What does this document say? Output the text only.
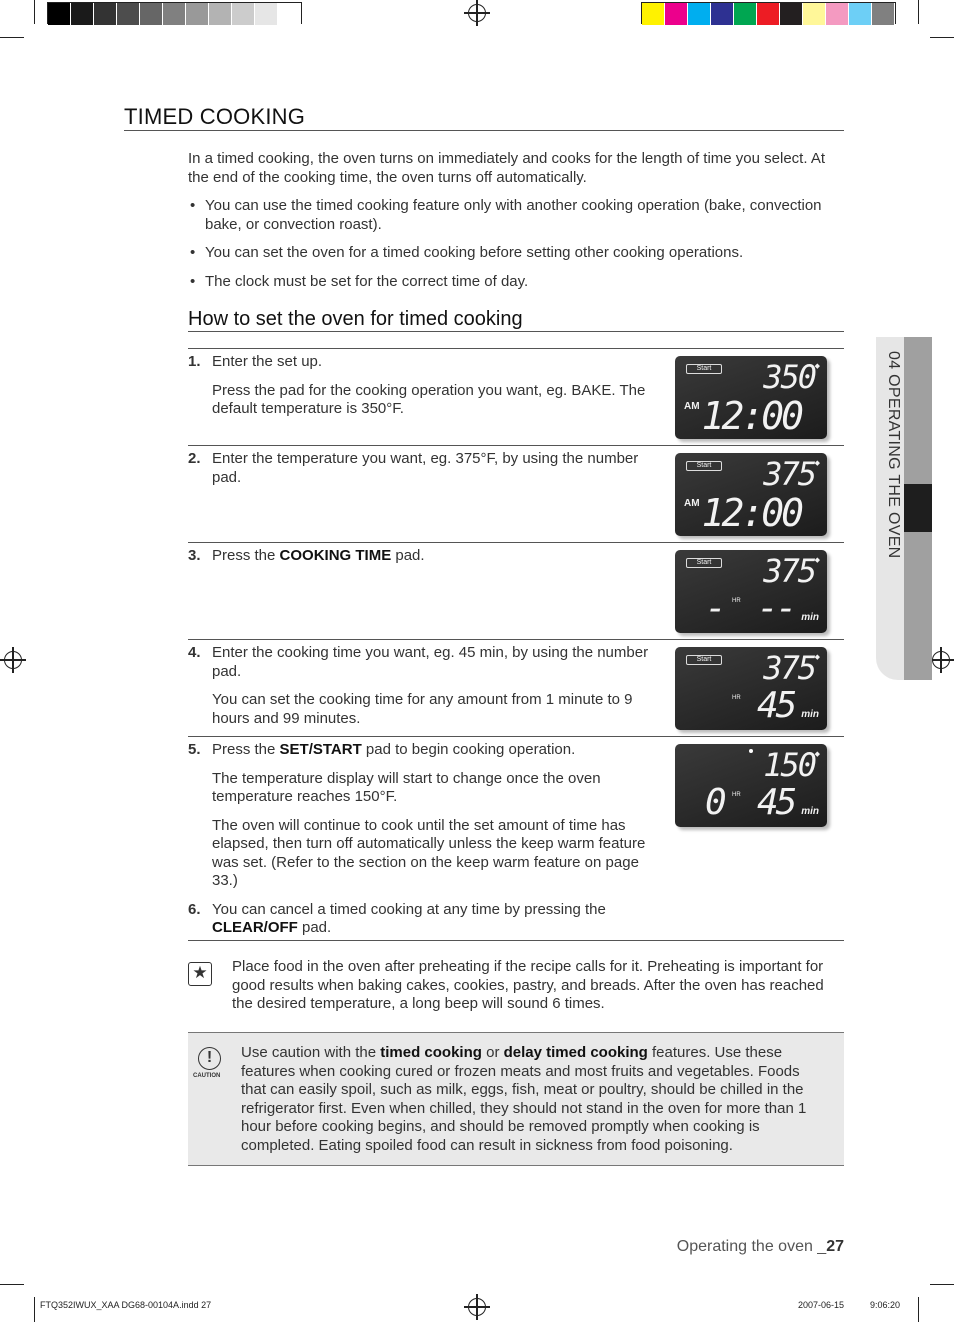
TIMED COOKING

In a timed cooking, the oven turns on immediately and cooks for the length of time you select. At the end of the cooking time, the oven turns off automatically.

• You can use the timed cooking feature only with another cooking operation (bake, convection bake, or convection roast).
• You can set the oven for a timed cooking before setting other cooking operations.
• The clock must be set for the correct time of day.
How to set the oven for timed cooking
1. Enter the set up.

Press the pad for the cooking operation you want, eg. BAKE. The default temperature is 350°F.

Start	350 ◆
AM 12:00
2. Enter the temperature you want, eg. 375°F, by using the number pad.

Start	375 ◆
AM 12:00
3. Press the COOKING TIME pad.	Start	375 ◆
- HR -- min
4. Enter the cooking time you want, eg. 45 min, by using the number pad.

You can set the cooking time for any amount from 1 minute to 9 hours and 99 minutes.

Start	375 ◆
HR 45 min
5. Press the SET/START pad to begin cooking operation.

The temperature display will start to change once the oven temperature reaches 150°F.

The oven will continue to cook until the set amount of time has elapsed, then turn off automatically unless the keep warm feature was set. (Refer to the section on the keep warm feature on page 33.)

6. You can cancel a timed cooking at any time by pressing the CLEAR/OFF pad.

150 ◆
0 HR 45 min
★ Place food in the oven after preheating if the recipe calls for it. Preheating is important for good results when baking cakes, cookies, pastry, and breads. After the oven has reached the desired temperature, a long beep will sound 6 times.

!
CAUTION

Use caution with the timed cooking or delay timed cooking features. Use these features when cooking cured or frozen meats and most fruits and vegetables. Foods that can easily spoil, such as milk, eggs, fish, meat or poultry, should be chilled in the refrigerator first. Even when chilled, they should not stand in the oven for more than 1 hour before cooking begins, and should be removed promptly when cooking is completed. Eating spoiled food can result in sickness from food poisoning.

04 OPERATING THE OVEN
Operating the oven _27
FTQ352IWUX_XAA DG68-00104A.indd 27	2007-06-15	9:06:20
